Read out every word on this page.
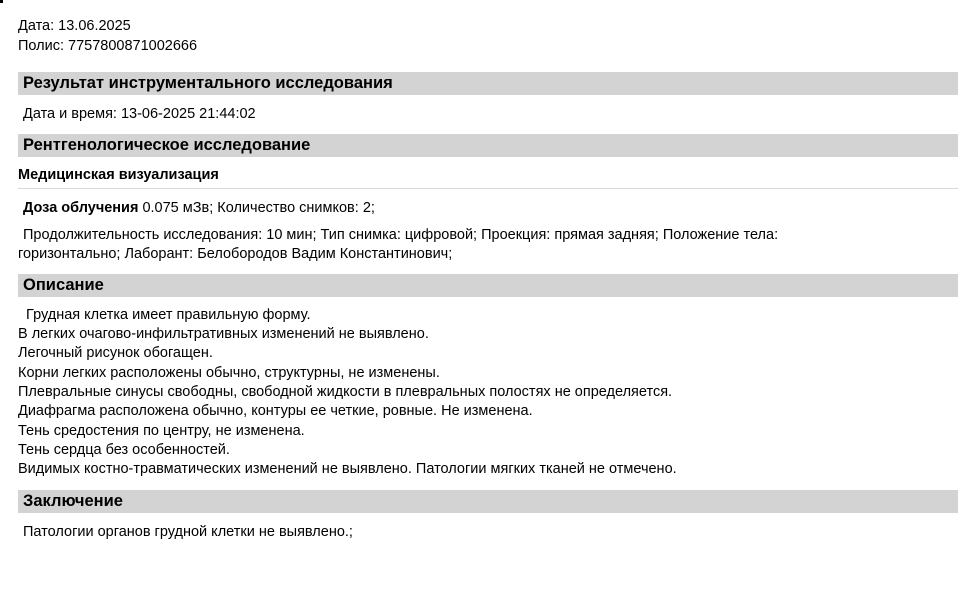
Дата: 13.06.2025
Полис: 7757800871002666
Результат инструментального исследования
Дата и время: 13-06-2025 21:44:02
Рентгенологическое исследование
Медицинская визуализация
Доза облучения 0.075 мЗв; Количество снимков: 2;
Продолжительность исследования: 10 мин; Тип снимка: цифровой; Проекция: прямая задняя; Положение тела:
горизонтально; Лаборант: Белобородов Вадим Константинович;
Описание
Грудная клетка имеет правильную форму.
В легких очагово-инфильтративных изменений не выявлено.
Легочный рисунок обогащен.
Корни легких расположены обычно, структурны, не изменены.
Плевральные синусы свободны, свободной жидкости в плевральных полостях не определяется.
Диафрагма расположена обычно, контуры ее четкие, ровные. Не изменена.
Тень средостения по центру, не изменена.
Тень сердца без особенностей.
Видимых костно-травматических изменений не выявлено. Патологии мягких тканей не отмечено.
Заключение
Патологии органов грудной клетки не выявлено.;
